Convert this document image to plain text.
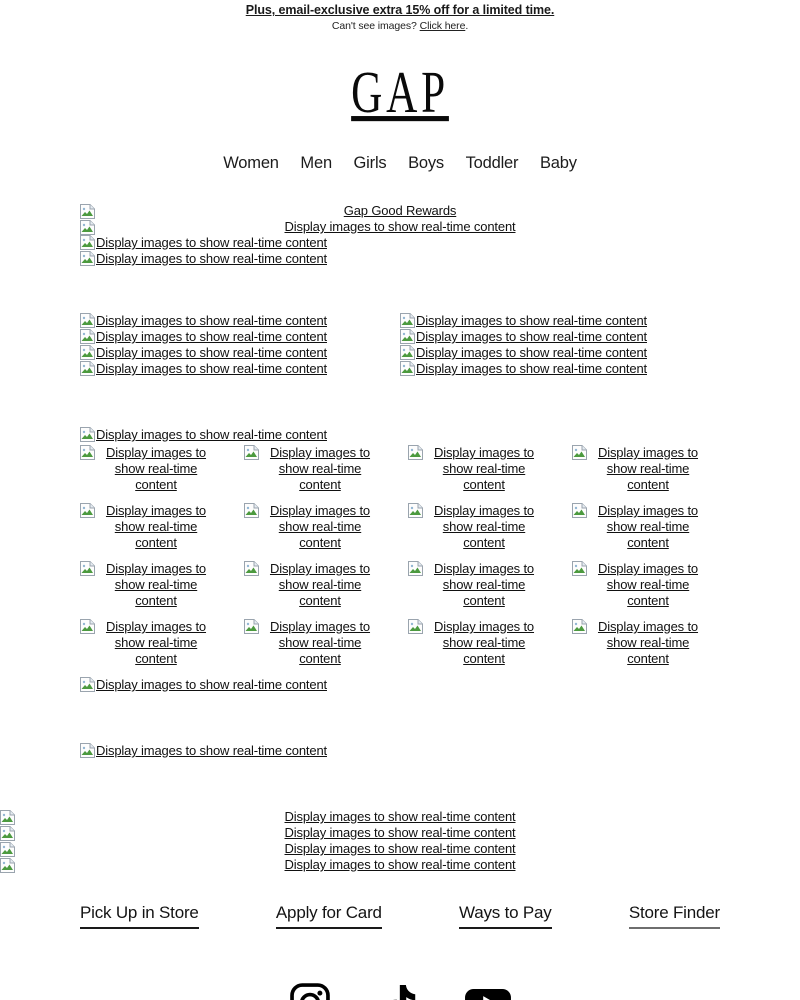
Plus, email-exclusive extra 15% off for a limited time.
Can't see images? Click here.
GAP
Women Men Girls Boys Toddler Baby
Gap Good Rewards
Display images to show real-time content
Display images to show real-time content
Display images to show real-time content
Display images to show real-time content
Display images to show real-time content
Display images to show real-time content
Display images to show real-time content
Display images to show real-time content
Display images to show real-time content
Display images to show real-time content
Display images to show real-time content
Display images to show real-time content
Display images to show real-time content
Display images to show real-time content
Display images to show real-time content
Display images to show real-time content
Display images to show real-time content
Display images to show real-time content
Display images to show real-time content
Display images to show real-time content
Display images to show real-time content
Display images to show real-time content
Display images to show real-time content
Display images to show real-time content
Display images to show real-time content
Display images to show real-time content
Display images to show real-time content
Display images to show real-time content
Display images to show real-time content
Display images to show real-time content
Display images to show real-time content
Display images to show real-time content
Display images to show real-time content
Display images to show real-time content
Pick Up in Store	Apply for Card	Ways to Pay	Store Finder
